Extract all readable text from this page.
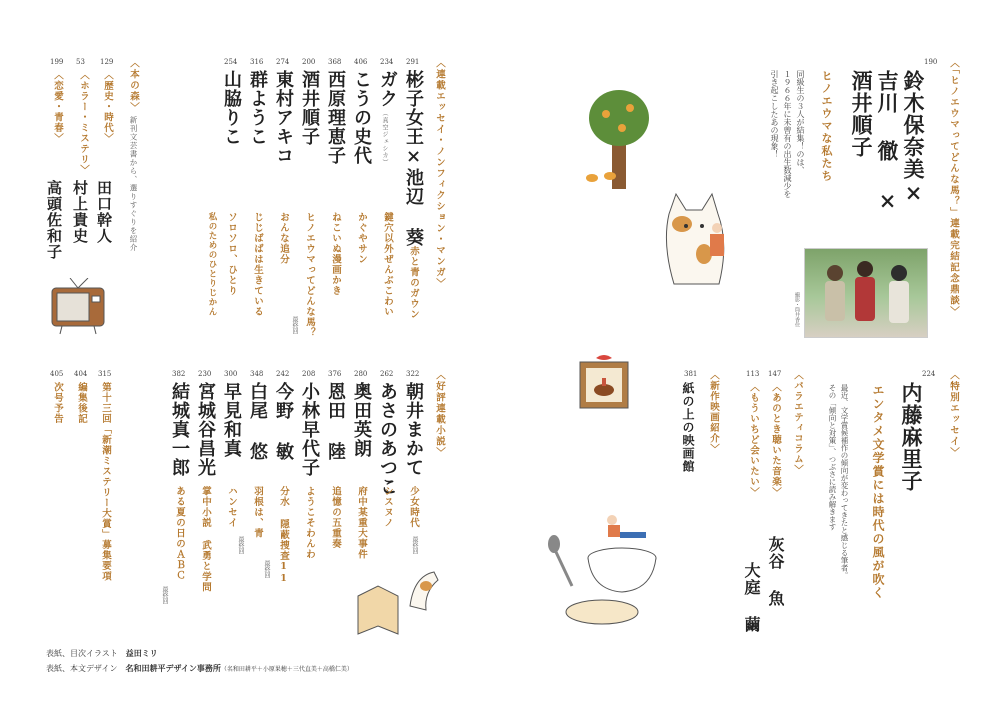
〈「ヒノエウマってどんな馬？」連載完結記念鼎談〉
190
鈴木保奈美×
吉川 徹 ×
酒井順子
ヒノエウマな私たち
同級生の３人が結集！のは、
１９６６年に未曾有の出生数減少を
引き起こしたあの現象！
撮影・筒井香住
〈特別エッセイ〉
224
内藤麻里子
エンタメ文学賞には時代の風が吹く
最近、文学賞候補作の傾向が変わってきたと感じる筆者。
その「傾向と対策」、つぶさに読み解きます
〈バラエティコラム〉
147
〈あのとき聴いた音楽〉
113
〈もういちど会いたい〉
灰谷 魚
大庭 繭
〈新作映画紹介〉
381
紙の上の映画館
〈連載エッセイ・ノンフィクション・マンガ〉
291
彬子女王×池辺 葵
赤と青のガウン
234
ガク
（真空ジェシカ）
鍵穴以外ぜんぶこわい
406
こうの史代
かぐやサン
368
西原理恵子
ねこいぬ漫画かき
200
酒井順子
ヒノエウマってどんな馬？
最終回
274
東村アキコ
おんな追分
316
群ようこ
じじばばは生きている
254
山脇りこ
ソロソロ、ひとり
私のためのひとりじかん
〈本の森〉
新刊文芸書から、選りすぐりを紹介
129
〈歴史・時代〉
田口幹人
53
〈ホラー・ミステリ〉
村上貴史
199
〈恋愛・青春〉
高頭佐和子
〈好評連載小説〉
322
朝井まかて
少女時代
最終回
262
あさのあつこ
シスヌノ
280
奥田英朗
府中某重大事件
376
恩田 陸
追憶の五重奏
208
小林早代子
ようこそわんわ
242
今野 敏
分水 隠蔽捜査11
最終回
348
白尾 悠
羽根は、青
最終回
300
早見和真
ハンセイ
230
宮城谷昌光
掌中小説 武勇と学問
382
結城真一郎
ある夏の日のＡＢＣ
最終回
315
第十三回「新潮ミステリー大賞」募集要項
404
編集後記
405
次号予告
表紙、目次イラスト　 益田ミリ
表紙、本文デザイン　 名和田耕平デザイン事務所（名和田耕平＋小原果穂＋三代直美＋高橋仁美）
